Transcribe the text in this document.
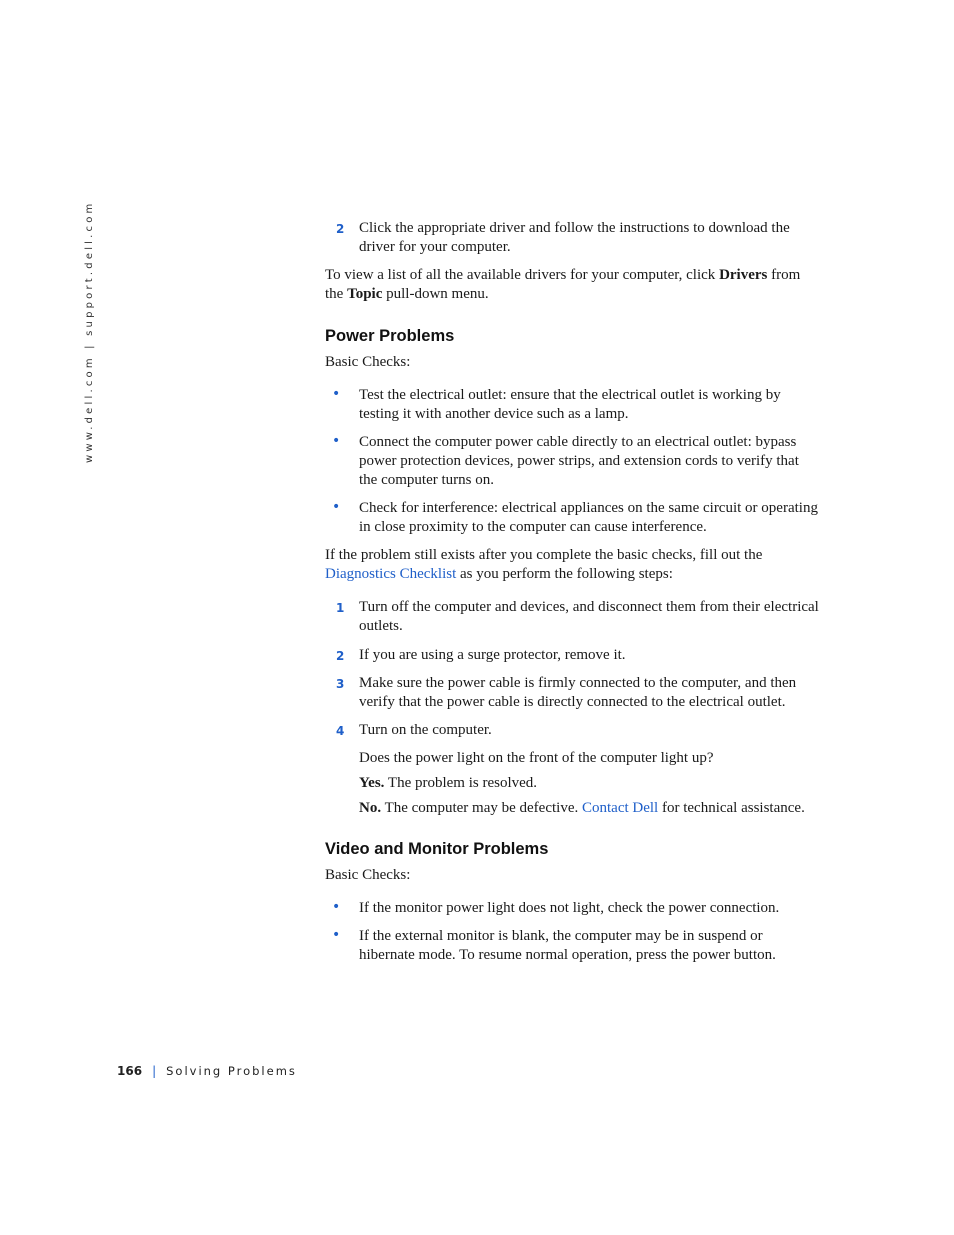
www.dell.com | support.dell.com	2 Click the appropriate driver and follow the instructions to download the driver for your computer.

To view a list of all the available drivers for your computer, click Drivers from the Topic pull-down menu.

Power Problems

Basic Checks:

• Test the electrical outlet: ensure that the electrical outlet is working by testing it with another device such as a lamp.

• Connect the computer power cable directly to an electrical outlet: bypass power protection devices, power strips, and extension cords to verify that the computer turns on.

• Check for interference: electrical appliances on the same circuit or operating in close proximity to the computer can cause interference.

If the problem still exists after you complete the basic checks, fill out the Diagnostics Checklist as you perform the following steps:

1 Turn off the computer and devices, and disconnect them from their electrical outlets.

2 If you are using a surge protector, remove it.

3 Make sure the power cable is firmly connected to the computer, and then verify that the power cable is directly connected to the electrical outlet.

4 Turn on the computer.

Does the power light on the front of the computer light up?

Yes. The problem is resolved.

No. The computer may be defective. Contact Dell for technical assistance.

Video and Monitor Problems

Basic Checks:

• If the monitor power light does not light, check the power connection.

• If the external monitor is blank, the computer may be in suspend or hibernate mode. To resume normal operation, press the power button.

166 | Solving Problems
